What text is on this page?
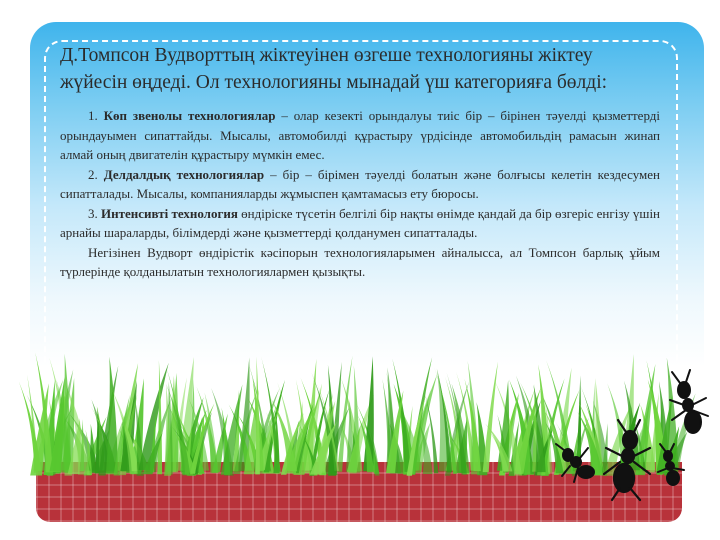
Д.Томпсон Вудворттың жіктеуінен өзгеше технологияны жіктеу жүйесін өңдеді. Ол технологияны мынадай үш категорияға бөлді:

1. Көп звенолы технологиялар – олар кезекті орындалуы тиіс бір – бірінен тәуелді қызметтерді орындауымен сипаттайды. Мысалы, автомобилді құрастыру үрдісінде автомобильдің рамасын жинап алмай оның двигателін құрастыру мүмкін емес.

2. Делдалдық технологиялар – бір – бірімен тәуелді болатын және болғысы келетін кездесумен сипатталады. Мысалы, компанияларды жұмыспен қамтамасыз ету бюросы.

3. Интенсивті технология өндіріске түсетін белгілі бір нақты өнімде қандай да бір өзгеріс енгізу үшін арнайы шараларды, білімдерді және қызметтерді қолданумен сипатталады.

Негізінен Вудворт өндірістік кәсіпорын технологияларымен айналысса, ал Томпсон барлық ұйым түрлерінде қолданылатын технологиялармен қызықты.
